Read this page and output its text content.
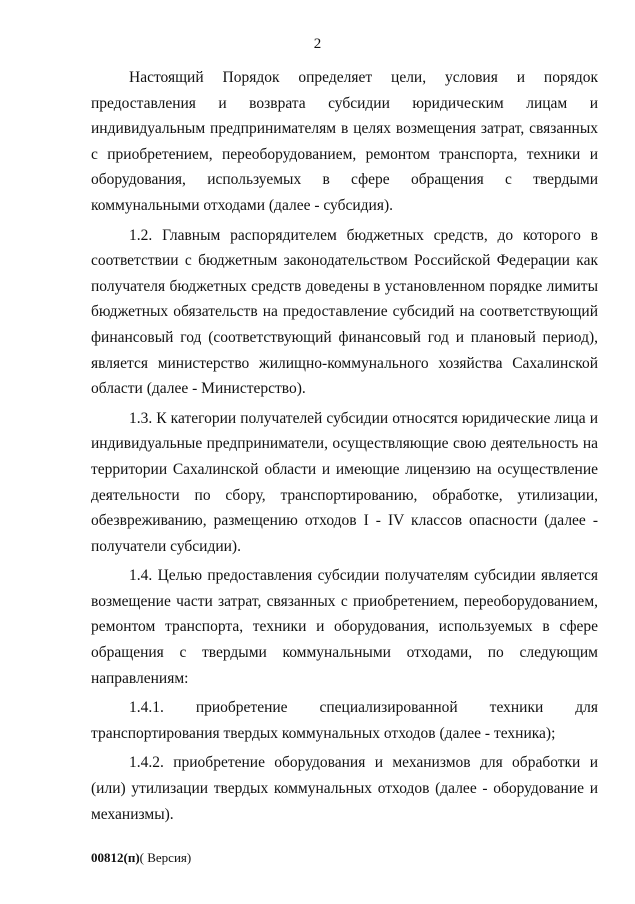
2

Настоящий Порядок определяет цели, условия и порядок предоставления и возврата субсидии юридическим лицам и индивидуальным предпринимателям в целях возмещения затрат, связанных с приобретением, переоборудованием, ремонтом транспорта, техники и оборудования, используемых в сфере обращения с твердыми коммунальными отходами (далее - субсидия).

1.2. Главным распорядителем бюджетных средств, до которого в соответствии с бюджетным законодательством Российской Федерации как получателя бюджетных средств доведены в установленном порядке лимиты бюджетных обязательств на предоставление субсидий на соответствующий финансовый год (соответствующий финансовый год и плановый период), является министерство жилищно-коммунального хозяйства Сахалинской области (далее - Министерство).

1.3. К категории получателей субсидии относятся юридические лица и индивидуальные предприниматели, осуществляющие свою деятельность на территории Сахалинской области и имеющие лицензию на осуществление деятельности по сбору, транспортированию, обработке, утилизации, обезвреживанию, размещению отходов I - IV классов опасности (далее - получатели субсидии).

1.4. Целью предоставления субсидии получателям субсидии является возмещение части затрат, связанных с приобретением, переоборудованием, ремонтом транспорта, техники и оборудования, используемых в сфере обращения с твердыми коммунальными отходами, по следующим направлениям:

1.4.1. приобретение специализированной техники для транспортирования твердых коммунальных отходов (далее - техника);

1.4.2. приобретение оборудования и механизмов для обработки и (или) утилизации твердых коммунальных отходов (далее - оборудование и механизмы).

00812(п)( Версия)
